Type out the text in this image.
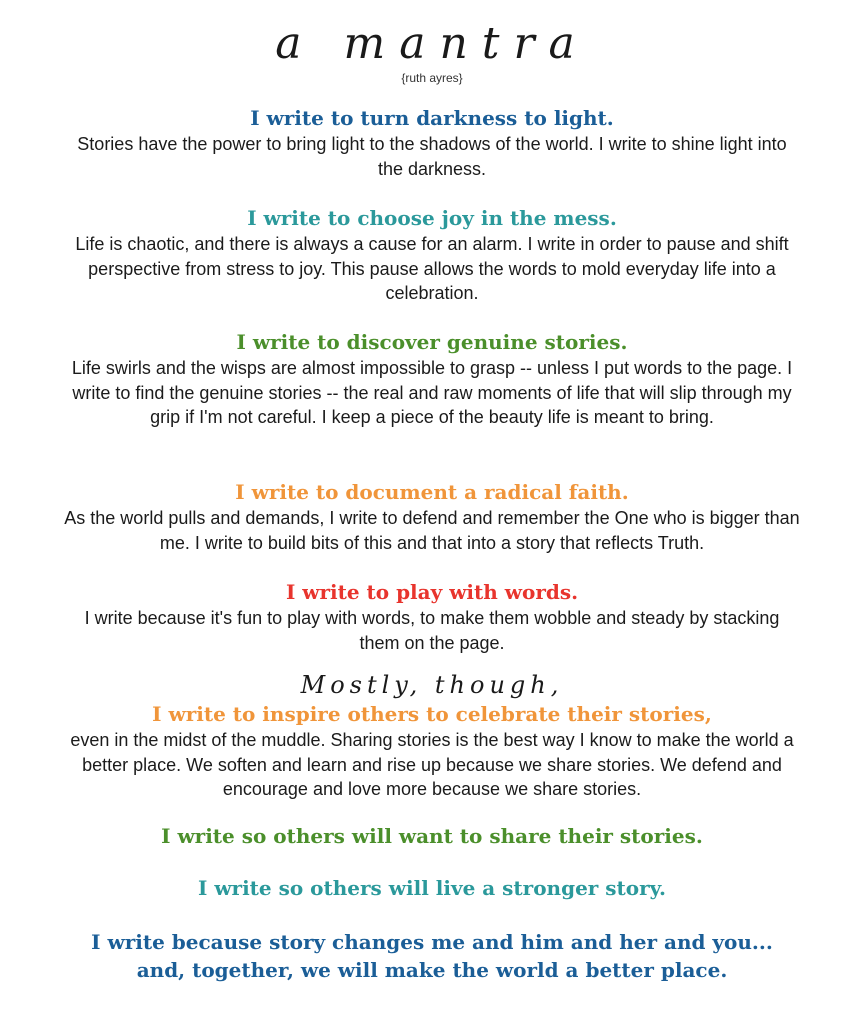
a mantra
{ruth ayres}
I write to turn darkness to light.

Stories have the power to bring light to the shadows of the world. I write to shine light into the darkness.

I write to choose joy in the mess.

Life is chaotic, and there is always a cause for an alarm. I write in order to pause and shift perspective from stress to joy. This pause allows the words to mold everyday life into a celebration.

I write to discover genuine stories.

Life swirls and the wisps are almost impossible to grasp -- unless I put words to the page. I write to find the genuine stories -- the real and raw moments of life that will slip through my grip if I'm not careful. I keep a piece of the beauty life is meant to bring.

I write to document a radical faith.

As the world pulls and demands, I write to defend and remember the One who is bigger than me. I write to build bits of this and that into a story that reflects Truth.

I write to play with words.

I write because it's fun to play with words, to make them wobble and steady by stacking them on the page.

Mostly, though,
I write to inspire others to celebrate their stories,

even in the midst of the muddle. Sharing stories is the best way I know to make the world a better place. We soften and learn and rise up because we share stories. We defend and encourage and love more because we share stories.

I write so others will want to share their stories.
I write so others will live a stronger story.
I write because story changes me and him and her and you...
and, together, we will make the world a better place.
